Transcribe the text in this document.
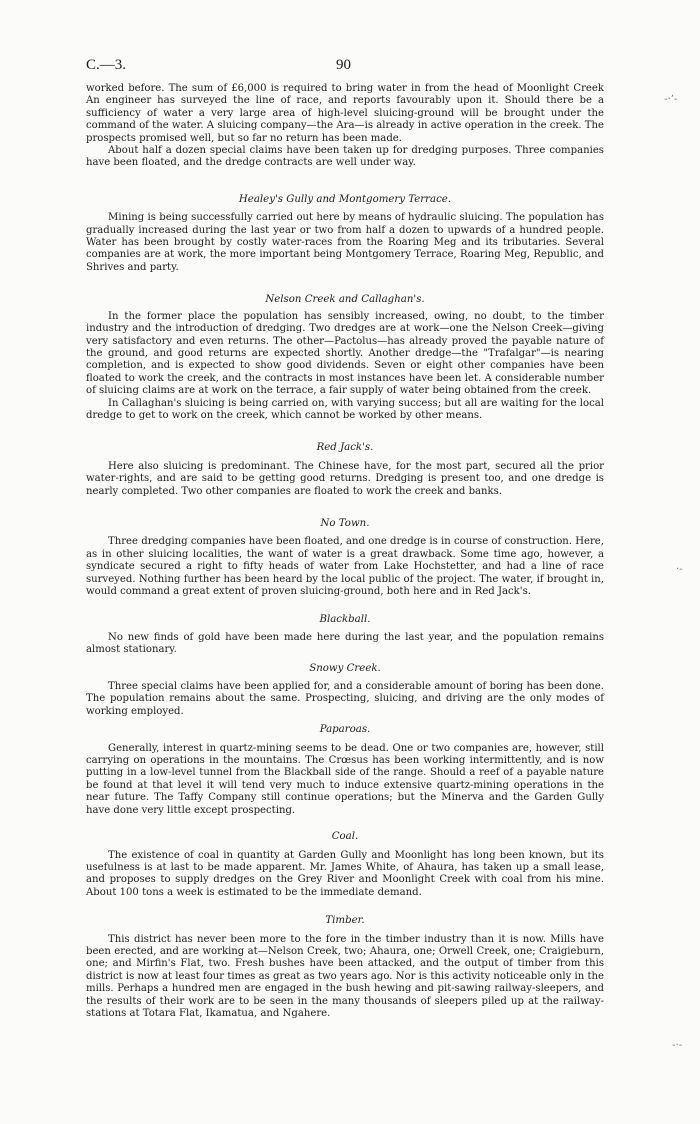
C.—3.	90
-·ʼ-
·-
-·-

worked before. The sum of £6,000 is required to bring water in from the head of Moonlight Creek An engineer has surveyed the line of race, and reports favourably upon it. Should there be a sufficiency of water a very large area of high-level sluicing-ground will be brought under the command of the water. A sluicing company—the Ara—is already in active operation in the creek. The prospects promised well, but so far no return has been made.

About half a dozen special claims have been taken up for dredging purposes. Three companies have been floated, and the dredge contracts are well under way.

Healey's Gully and Montgomery Terrace.

Mining is being successfully carried out here by means of hydraulic sluicing. The population has gradually increased during the last year or two from half a dozen to upwards of a hundred people. Water has been brought by costly water-races from the Roaring Meg and its tributaries. Several companies are at work, the more important being Montgomery Terrace, Roaring Meg, Republic, and Shrives and party.

Nelson Creek and Callaghan's.

In the former place the population has sensibly increased, owing, no doubt, to the timber industry and the introduction of dredging. Two dredges are at work—one the Nelson Creek—giving very satisfactory and even returns. The other—Pactolus—has already proved the payable nature of the ground, and good returns are expected shortly. Another dredge—the "Trafalgar"—is nearing completion, and is expected to show good dividends. Seven or eight other companies have been floated to work the creek, and the contracts in most instances have been let. A considerable number of sluicing claims are at work on the terrace, a fair supply of water being obtained from the creek.

In Callaghan's sluicing is being carried on, with varying success; but all are waiting for the local dredge to get to work on the creek, which cannot be worked by other means.

Red Jack's.

Here also sluicing is predominant. The Chinese have, for the most part, secured all the prior water-rights, and are said to be getting good returns. Dredging is present too, and one dredge is nearly completed. Two other companies are floated to work the creek and banks.

No Town.

Three dredging companies have been floated, and one dredge is in course of construction. Here, as in other sluicing localities, the want of water is a great drawback. Some time ago, however, a syndicate secured a right to fifty heads of water from Lake Hochstetter, and had a line of race surveyed. Nothing further has been heard by the local public of the project. The water, if brought in, would command a great extent of proven sluicing-ground, both here and in Red Jack's.

Blackball.

No new finds of gold have been made here during the last year, and the population remains almost stationary.

Snowy Creek.

Three special claims have been applied for, and a considerable amount of boring has been done. The population remains about the same. Prospecting, sluicing, and driving are the only modes of working employed.

Paparoas.

Generally, interest in quartz-mining seems to be dead. One or two companies are, however, still carrying on operations in the mountains. The Crœsus has been working intermittently, and is now putting in a low-level tunnel from the Blackball side of the range. Should a reef of a payable nature be found at that level it will tend very much to induce extensive quartz-mining operations in the near future. The Taffy Company still continue operations; but the Minerva and the Garden Gully have done very little except prospecting.

Coal.

The existence of coal in quantity at Garden Gully and Moonlight has long been known, but its usefulness is at last to be made apparent. Mr. James White, of Ahaura, has taken up a small lease, and proposes to supply dredges on the Grey River and Moonlight Creek with coal from his mine. About 100 tons a week is estimated to be the immediate demand.

Timber.

This district has never been more to the fore in the timber industry than it is now. Mills have been erected, and are working at—Nelson Creek, two; Ahaura, one; Orwell Creek, one; Craigieburn, one; and Mirfin's Flat, two. Fresh bushes have been attacked, and the output of timber from this district is now at least four times as great as two years ago. Nor is this activity noticeable only in the mills. Perhaps a hundred men are engaged in the bush hewing and pit-sawing railway-sleepers, and the results of their work are to be seen in the many thousands of sleepers piled up at the railway-stations at Totara Flat, Ikamatua, and Ngahere.
